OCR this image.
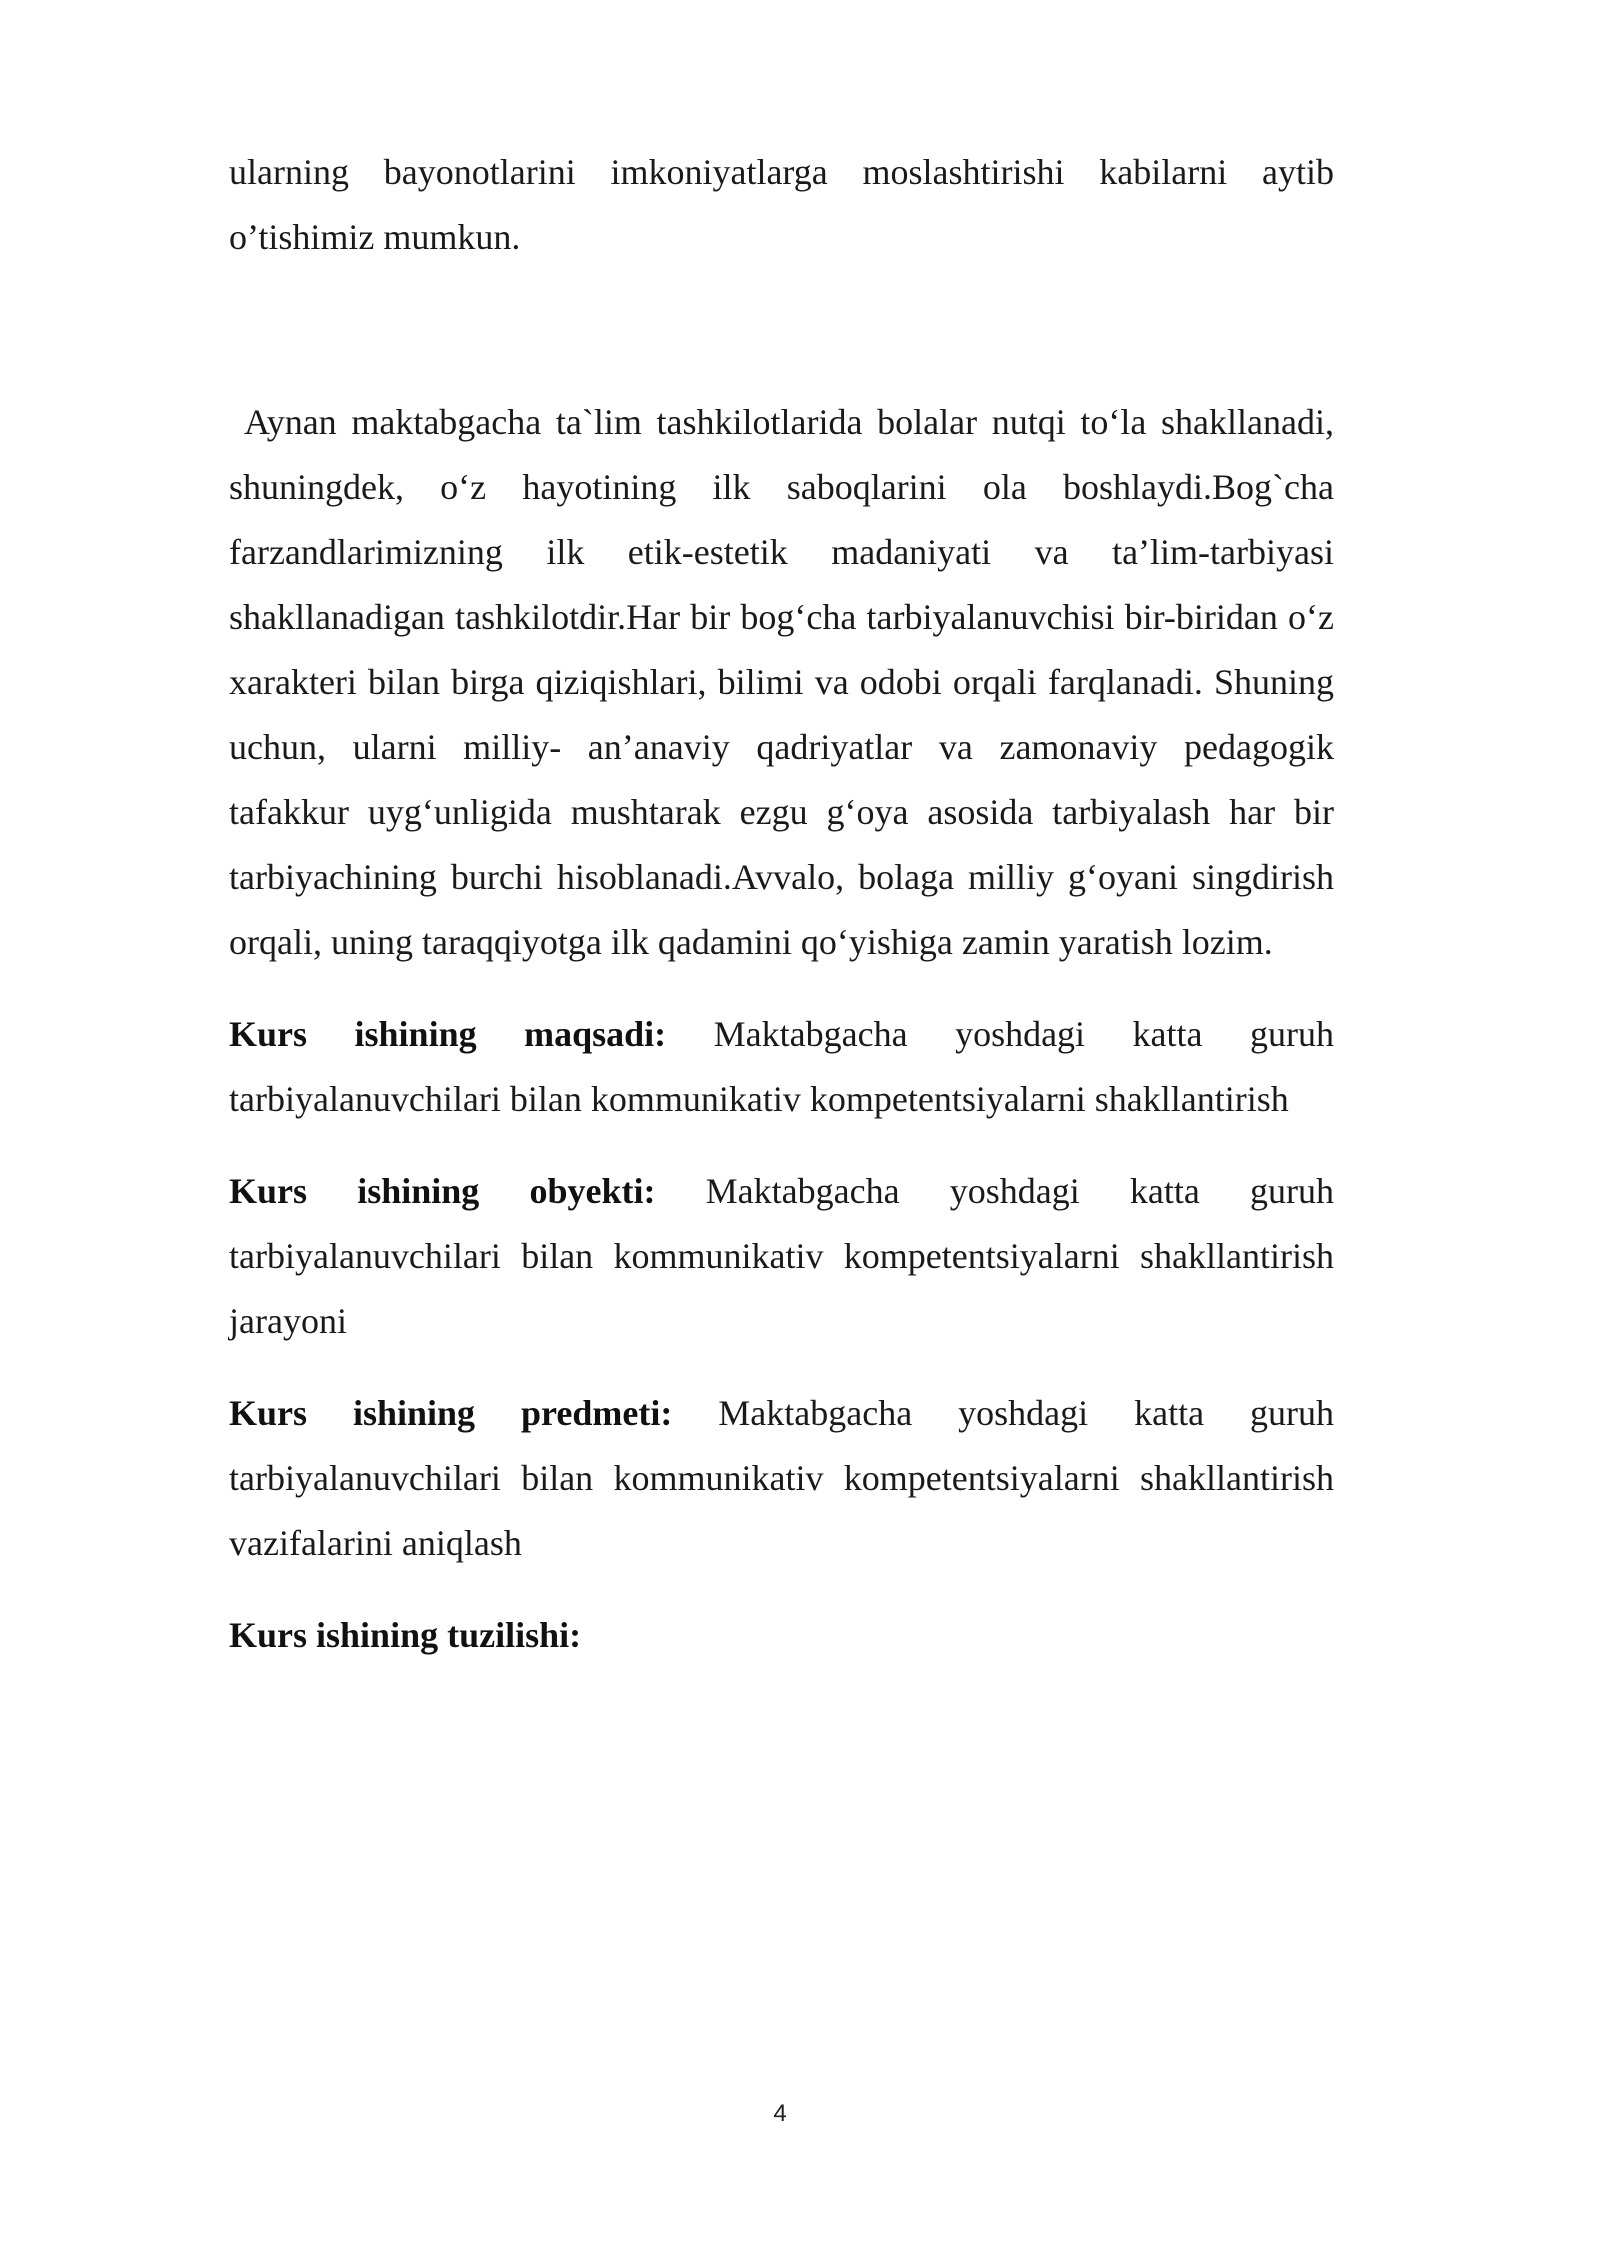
ularning bayonotlarini imkoniyatlarga moslashtirishi kabilarni aytib o’tishimiz mumkun.

Aynan maktabgacha ta`lim tashkilotlarida bolalar nutqi to‘la shakllanadi, shuningdek, o‘z hayotining ilk saboqlarini ola boshlaydi.Bog`cha farzandlarimizning ilk etik-estetik madaniyati va ta’lim-tarbiyasi shakllanadigan tashkilotdir.Har bir bog‘cha tarbiyalanuvchisi bir-biridan o‘z xarakteri bilan birga qiziqishlari, bilimi va odobi orqali farqlanadi. Shuning uchun, ularni milliy- an’anaviy qadriyatlar va zamonaviy pedagogik tafakkur uyg‘unligida mushtarak ezgu g‘oya asosida tarbiyalash har bir tarbiyachining burchi hisoblanadi.Avvalo, bolaga milliy g‘oyani singdirish orqali, uning taraqqiyotga ilk qadamini qo‘yishiga zamin yaratish lozim.

Kurs ishining maqsadi: Maktabgacha yoshdagi katta guruh tarbiyalanuvchilari bilan kommunikativ kompetentsiyalarni shakllantirish

Kurs ishining obyekti: Maktabgacha yoshdagi katta guruh tarbiyalanuvchilari bilan kommunikativ kompetentsiyalarni shakllantirish jarayoni

Kurs ishining predmeti: Maktabgacha yoshdagi katta guruh tarbiyalanuvchilari bilan kommunikativ kompetentsiyalarni shakllantirish vazifalarini aniqlash

Kurs ishining tuzilishi:
4
